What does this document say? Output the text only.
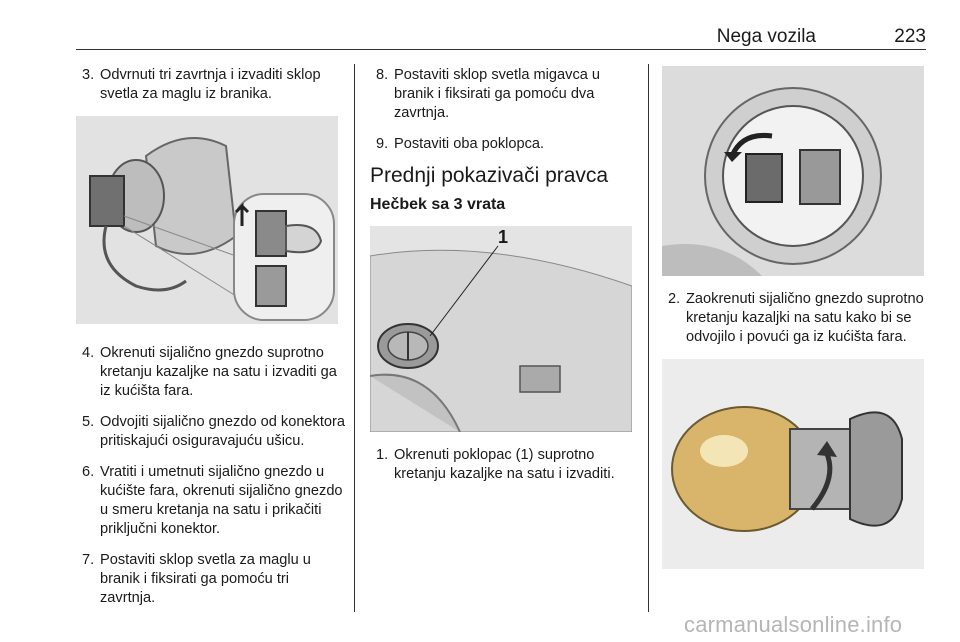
Nega vozila	223
3. Odvrnuti tri zavrtnja i izvaditi sklop svetla za maglu iz branika.
4. Okrenuti sijalično gnezdo suprotno kretanju kazaljke na satu i izvaditi ga iz kućišta fara.
5. Odvojiti sijalično gnezdo od konektora pritiskajući osiguravajuću ušicu.
6. Vratiti i umetnuti sijalično gnezdo u kućište fara, okrenuti sijalično gnezdo u smeru kretanja na satu i prikačiti priključni konektor.
7. Postaviti sklop svetla za maglu u branik i fiksirati ga pomoću tri zavrtnja.
8. Postaviti sklop svetla migavca u branik i fiksirati ga pomoću dva zavrtnja.
9. Postaviti oba poklopca.
Prednji pokazivači pravca
Hečbek sa 3 vrata
1
1. Okrenuti poklopac (1) suprotno kretanju kazaljke na satu i izvaditi.
2. Zaokrenuti sijalično gnezdo suprotno kretanju kazaljki na satu kako bi se odvojilo i povući ga iz kućišta fara.
carmanualsonline.info
